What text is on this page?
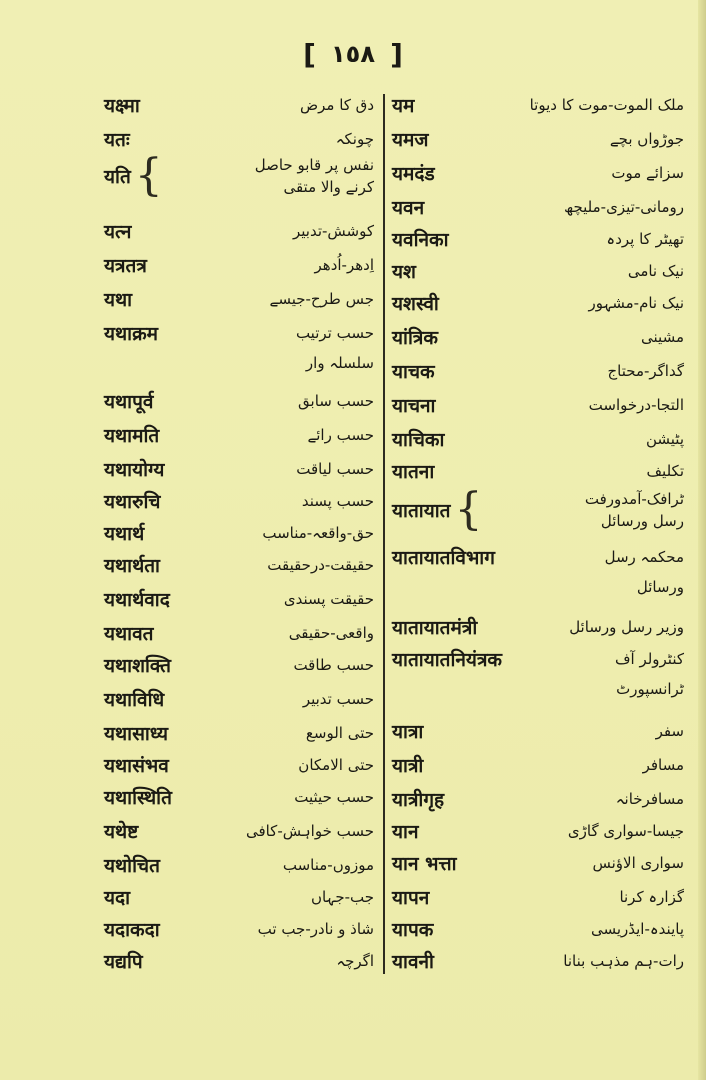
[ ١٥٨ ]
यक्ष्मा	دق کا مرض
यतः	چونکہ
यति {	نفس پر قابو حاصل
کرنے والا متقی
यत्न	کوشش-تدبیر
यत्रतत्र	اِدھر-اُدھر
यथा	جس طرح-جیسے
यथाक्रम	حسب ترتیب
سلسلہ وار
यथापूर्व	حسب سابق
यथामति	حسب رائے
यथायोग्य	حسب لیاقت
यथारुचि	حسب پسند
यथार्थ	حق-واقعہ-مناسب
यथार्थता	حقیقت-درحقیقت
यथार्थवाद	حقیقت پسندی
यथावत	واقعی-حقیقی
यथाशक्ति	حسب طاقت
यथाविधि	حسب تدبیر
यथासाध्य	حتی الوسع
यथासंभव	حتی الامکان
यथास्थिति	حسب حیثیت
यथेष्ट	حسب خواہش-کافی
यथोचित	موزوں-مناسب
यदा	جب-جہاں
यदाकदा	شاذ و نادر-جب تب
यद्यपि	اگرچہ
यम	ملک الموت-موت کا دیوتا
यमज	جوڑواں بچے
यमदंड	سزائے موت
यवन	رومانی-تیزی-ملیچھ
यवनिका	تھیٹر کا پردہ
यश	نیک نامی
यशस्वी	نیک نام-مشہور
यांत्रिक	مشینی
याचक	گداگر-محتاج
याचना	التجا-درخواست
याचिका	پٹیشن
यातना	تکلیف
यातायात {	ٹرافک-آمدورفت
رسل ورسائل
यातायातविभाग	محکمہ رسل
ورسائل
यातायातमंत्री	وزیر رسل ورسائل
यातायातनियंत्रक	کنٹرولر آف
ٹرانسپورٹ
यात्रा	سفر
यात्री	مسافر
यात्रीगृह	مسافرخانہ
यान	جیسا-سواری گاڑی
यान भत्ता	سواری الاؤنس
यापन	گزارہ کرنا
यापक	پایندہ-ایڈریسی
यावनी	رات-ہم مذہب بنانا
